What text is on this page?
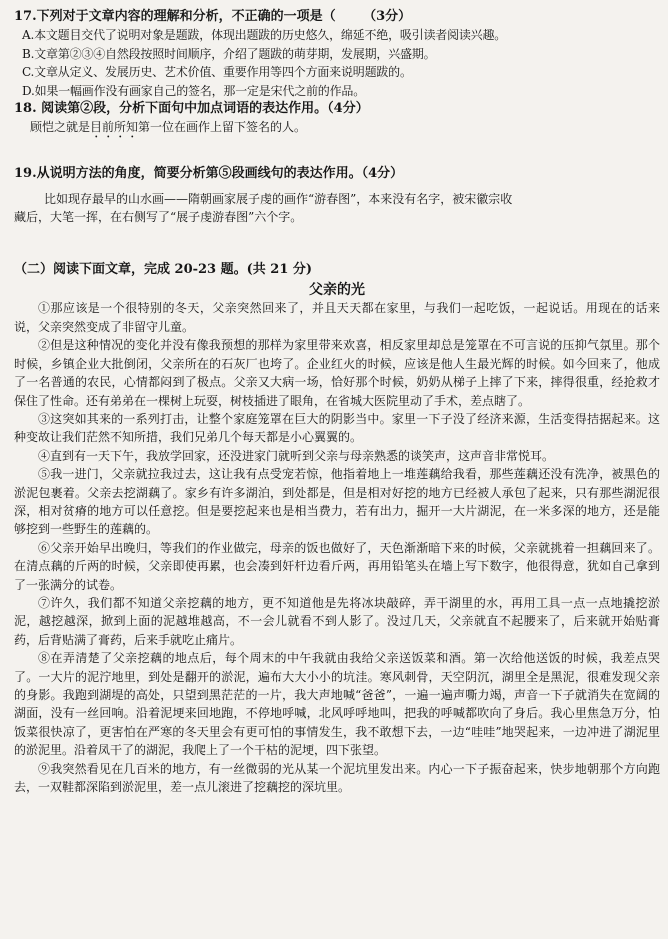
17.下列对于文章内容的理解和分析，不正确的一项是（	（3分）
A.本文题目交代了说明对象是题跋，体现出题跋的历史悠久，绵延不绝，吸引读者阅读兴趣。
B.文章第②③④自然段按照时间顺序，介绍了题跋的萌芽期，发展期，兴盛期。
C.文章从定义、发展历史、艺术价值、重要作用等四个方面来说明题跋的。
D.如果一幅画作没有画家自己的签名，那一定是宋代之前的作品。
18. 阅读第②段，分析下面句中加点词语的表达作用。（4分）
顾恺之就是目前所知第一位在画作上留下签名的人。
19.从说明方法的角度，简要分析第⑤段画线句的表达作用。（4分）
比如现存最早的山水画——隋朝画家展子虔的画作“游春图”，本来没有名字，被宋徽宗收
藏后，大笔一挥，在右侧写了“展子虔游春图”六个字。
（二）阅读下面文章，完成 20-23 题。(共 21 分)
父亲的光

①那应该是一个很特别的冬天，父亲突然回来了，并且天天都在家里，与我们一起吃饭，一起说话。用现在的话来说，父亲突然变成了非留守儿童。

②但是这种情况的变化并没有像我预想的那样为家里带来欢喜，相反家里却总是笼罩在不可言说的压抑气氛里。那个时候，乡镇企业大批倒闭，父亲所在的石灰厂也垮了。企业红火的时候，应该是他人生最光辉的时候。如今回来了，他成了一名普通的农民，心情都闷到了极点。父亲又大病一场，恰好那个时候，奶奶从梯子上摔了下来，摔得很重，经抢救才保住了性命。还有弟弟在一棵树上玩耍，树枝插进了眼角，在省城大医院里动了手术，差点瞎了。

③这突如其来的一系列打击，让整个家庭笼罩在巨大的阴影当中。家里一下子没了经济来源，生活变得拮据起来。这种变故让我们茫然不知所措，我们兄弟几个每天都是小心翼翼的。

④直到有一天下午，我放学回家，还没进家门就听到父亲与母亲熟悉的谈笑声，这声音非常悦耳。

⑤我一进门，父亲就拉我过去，这让我有点受宠若惊，他指着地上一堆莲藕给我看，那些莲藕还没有洗净，被黑色的淤泥包裹着。父亲去挖湖藕了。家乡有许多湖泊，到处都是，但是相对好挖的地方已经被人承包了起来，只有那些湖泥很深，相对贫瘠的地方可以任意挖。但是要挖起来也是相当费力，若有出力，掘开一大片湖泥，在一米多深的地方，还是能够挖到一些野生的莲藕的。

⑥父亲开始早出晚归，等我们的作业做完，母亲的饭也做好了，天色渐渐暗下来的时候，父亲就挑着一担藕回来了。在清点藕的斤两的时候，父亲即使再累，也会凑到奸杆边看斤两，再用铅笔头在墙上写下数字，他很得意，犹如自己拿到了一张满分的试卷。

⑦许久，我们都不知道父亲挖藕的地方，更不知道他是先将冰块敲碎，弄干湖里的水，再用工具一点一点地撬挖淤泥，越挖越深，掀到上面的泥越堆越高，不一会儿就看不到人影了。没过几天，父亲就直不起腰来了，后来就开始贴膏药，后背贴满了膏药，后来手就吃止痛片。

⑧在弄清楚了父亲挖藕的地点后，每个周末的中午我就由我给父亲送饭菜和酒。第一次给他送饭的时候，我差点哭了。一大片的泥泞地里，到处是翻开的淤泥，遍布大大小小的坑洼。寒风刺骨，天空阴沉，湖里全是黑泥，很难发现父亲的身影。我跑到湖堤的高处，只望到黑茫茫的一片，我大声地喊“爸爸”，一遍一遍声嘶力竭，声音一下子就消失在宽阔的湖面，没有一丝回响。沿着泥埂来回地跑，不停地呼喊，北风呼呼地叫，把我的呼喊都吹向了身后。我心里焦急万分，怕饭菜很快凉了，更害怕在严寒的冬天里会有更可怕的事情发生，我不敢想下去，一边“哇哇”地哭起来，一边冲进了湖泥里的淤泥里。沿着凤干了的湖泥，我爬上了一个干枯的泥埂，四下张望。

⑨我突然看见在几百米的地方，有一丝微弱的光从某一个泥坑里发出来。内心一下子振奋起来，快步地朝那个方向跑去，一双鞋都深陷到淤泥里，差一点儿滚进了挖藕挖的深坑里。
